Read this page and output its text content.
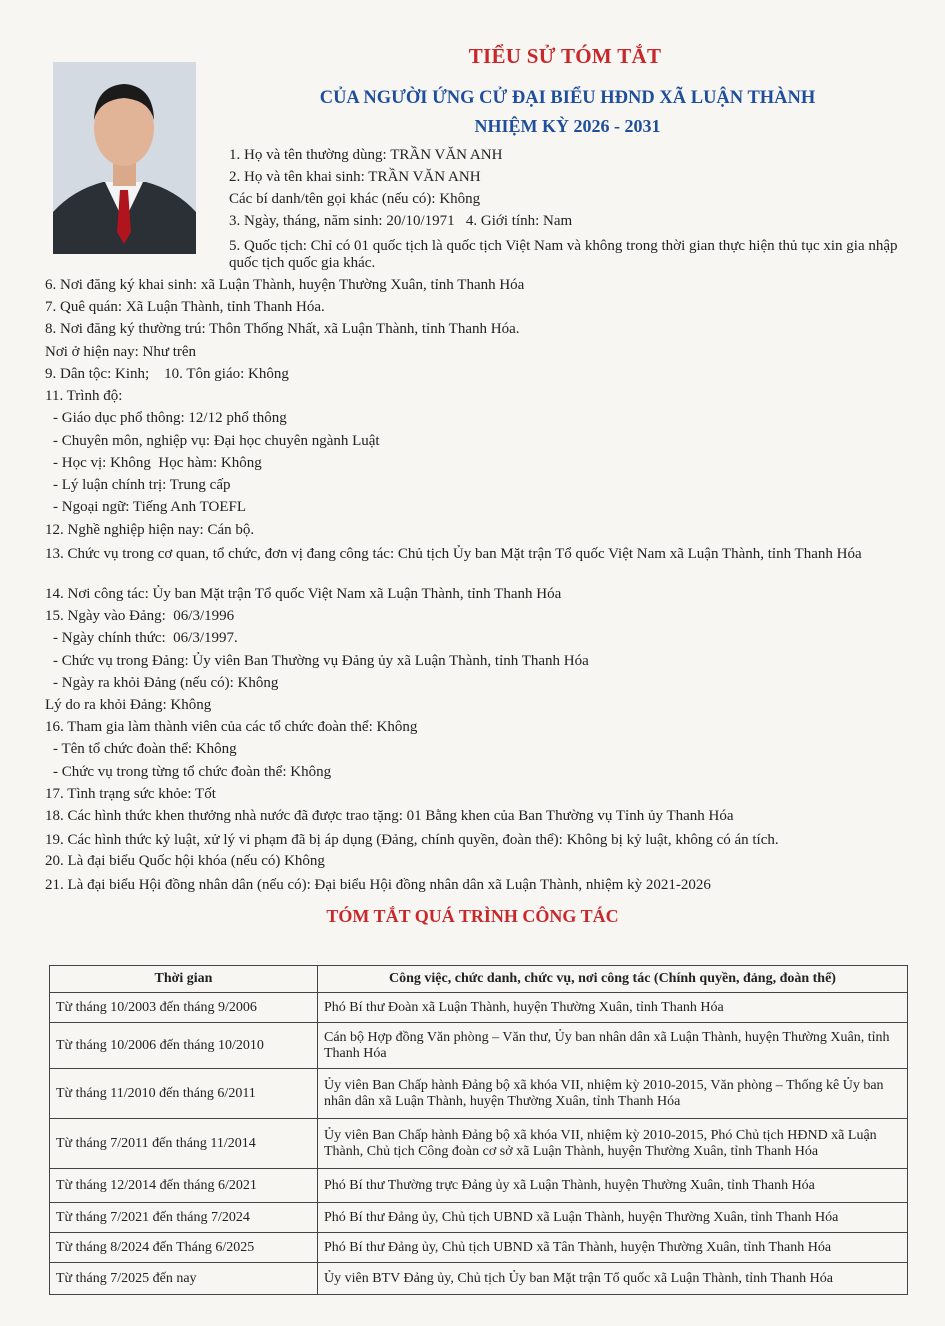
TIỂU SỬ TÓM TẮT
CỦA NGƯỜI ỨNG CỬ ĐẠI BIỂU HĐND XÃ LUẬN THÀNH
NHIỆM KỲ 2026 - 2031
1. Họ và tên thường dùng: TRẦN VĂN ANH
2. Họ và tên khai sinh: TRẦN VĂN ANH
Các bí danh/tên gọi khác (nếu có): Không
3. Ngày, tháng, năm sinh: 20/10/1971   4. Giới tính: Nam
5. Quốc tịch: Chỉ có 01 quốc tịch là quốc tịch Việt Nam và không trong thời gian thực hiện thủ tục xin gia nhập quốc tịch quốc gia khác.
6. Nơi đăng ký khai sinh: xã Luận Thành, huyện Thường Xuân, tỉnh Thanh Hóa
7. Quê quán: Xã Luận Thành, tỉnh Thanh Hóa.
8. Nơi đăng ký thường trú: Thôn Thống Nhất, xã Luận Thành, tỉnh Thanh Hóa.
Nơi ở hiện nay: Như trên
9. Dân tộc: Kinh;    10. Tôn giáo: Không
11. Trình độ:
- Giáo dục phổ thông: 12/12 phổ thông
- Chuyên môn, nghiệp vụ: Đại học chuyên ngành Luật
- Học vị: Không  Học hàm: Không
- Lý luận chính trị: Trung cấp
- Ngoại ngữ: Tiếng Anh TOEFL
12. Nghề nghiệp hiện nay: Cán bộ.
13. Chức vụ trong cơ quan, tổ chức, đơn vị đang công tác: Chủ tịch Ủy ban Mặt trận Tổ quốc Việt Nam xã Luận Thành, tỉnh Thanh Hóa
14. Nơi công tác: Ủy ban Mặt trận Tổ quốc Việt Nam xã Luận Thành, tỉnh Thanh Hóa
15. Ngày vào Đảng:  06/3/1996
- Ngày chính thức:  06/3/1997.
- Chức vụ trong Đảng: Ủy viên Ban Thường vụ Đảng ủy xã Luận Thành, tỉnh Thanh Hóa
- Ngày ra khỏi Đảng (nếu có): Không
Lý do ra khỏi Đảng: Không
16. Tham gia làm thành viên của các tổ chức đoàn thể: Không
- Tên tổ chức đoàn thể: Không
- Chức vụ trong từng tổ chức đoàn thể: Không
17. Tình trạng sức khỏe: Tốt
18. Các hình thức khen thưởng nhà nước đã được trao tặng: 01 Bằng khen của Ban Thường vụ Tỉnh ủy Thanh Hóa
19. Các hình thức kỷ luật, xử lý vi phạm đã bị áp dụng (Đảng, chính quyền, đoàn thể): Không bị kỷ luật, không có án tích.
20. Là đại biểu Quốc hội khóa (nếu có) Không
21. Là đại biểu Hội đồng nhân dân (nếu có): Đại biểu Hội đồng nhân dân xã Luận Thành, nhiệm kỳ 2021-2026
TÓM TẮT QUÁ TRÌNH CÔNG TÁC
Thời gian	Công việc, chức danh, chức vụ, nơi công tác (Chính quyền, đảng, đoàn thể)
Từ tháng 10/2003 đến tháng 9/2006	Phó Bí thư Đoàn xã Luận Thành, huyện Thường Xuân, tỉnh Thanh Hóa
Từ tháng 10/2006 đến tháng 10/2010	Cán bộ Hợp đồng Văn phòng – Văn thư, Ủy ban nhân dân xã Luận Thành, huyện Thường Xuân, tỉnh Thanh Hóa
Từ tháng 11/2010 đến tháng 6/2011	Ủy viên Ban Chấp hành Đảng bộ xã khóa VII, nhiệm kỳ 2010-2015, Văn phòng – Thống kê Ủy ban nhân dân xã Luận Thành, huyện Thường Xuân, tỉnh Thanh Hóa
Từ tháng 7/2011 đến tháng 11/2014	Ủy viên Ban Chấp hành Đảng bộ xã khóa VII, nhiệm kỳ 2010-2015, Phó Chủ tịch HĐND xã Luận Thành, Chủ tịch Công đoàn cơ sở xã Luận Thành, huyện Thường Xuân, tỉnh Thanh Hóa
Từ tháng 12/2014 đến tháng 6/2021	Phó Bí thư Thường trực Đảng ủy xã Luận Thành, huyện Thường Xuân, tỉnh Thanh Hóa
Từ tháng 7/2021 đến tháng 7/2024	Phó Bí thư Đảng ủy, Chủ tịch UBND xã Luận Thành, huyện Thường Xuân, tỉnh Thanh Hóa
Từ tháng 8/2024 đến Tháng 6/2025	Phó Bí thư Đảng ủy, Chủ tịch UBND xã Tân Thành, huyện Thường Xuân, tỉnh Thanh Hóa
Từ tháng 7/2025 đến nay	Ủy viên BTV Đảng ủy, Chủ tịch Ủy ban Mặt trận Tổ quốc xã Luận Thành, tỉnh Thanh Hóa
